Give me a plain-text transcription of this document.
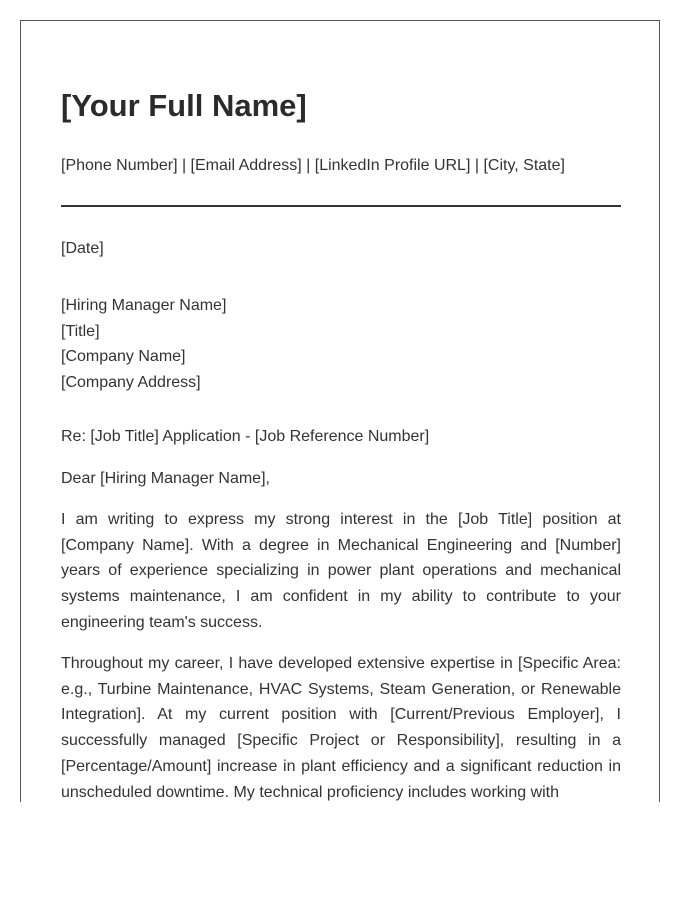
[Your Full Name]
[Phone Number] | [Email Address] | [LinkedIn Profile URL] | [City, State]
[Date]
[Hiring Manager Name]
[Title]
[Company Name]
[Company Address]
Re: [Job Title] Application - [Job Reference Number]
Dear [Hiring Manager Name],

I am writing to express my strong interest in the [Job Title] position at [Company Name]. With a degree in Mechanical Engineering and [Number] years of experience specializing in power plant operations and mechanical systems maintenance, I am confident in my ability to contribute to your engineering team's success.

Throughout my career, I have developed extensive expertise in [Specific Area: e.g., Turbine Maintenance, HVAC Systems, Steam Generation, or Renewable Integration]. At my current position with [Current/Previous Employer], I successfully managed [Specific Project or Responsibility], resulting in a [Percentage/Amount] increase in plant efficiency and a significant reduction in unscheduled downtime. My technical proficiency includes working with
